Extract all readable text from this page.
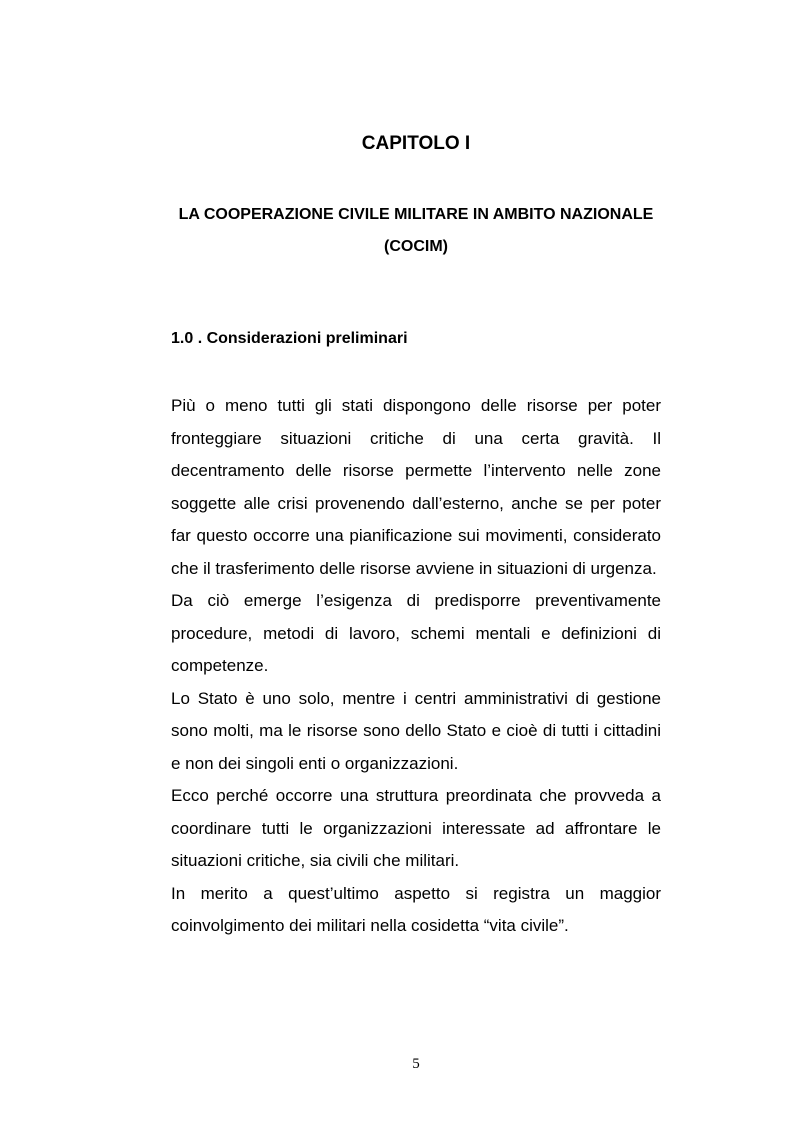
CAPITOLO I
LA COOPERAZIONE CIVILE MILITARE IN AMBITO NAZIONALE (COCIM)
1.0 . Considerazioni preliminari

Più o meno tutti gli stati dispongono delle risorse per poter fronteggiare situazioni critiche di una certa gravità. Il decentramento delle risorse permette l’intervento nelle zone soggette alle crisi provenendo dall’esterno, anche se per poter far questo occorre una pianificazione sui movimenti, considerato che il trasferimento delle risorse avviene in situazioni di urgenza.

Da ciò emerge l’esigenza di predisporre preventivamente procedure, metodi di lavoro, schemi mentali e definizioni di competenze.

Lo Stato è uno solo, mentre i centri amministrativi di gestione sono molti, ma le risorse sono dello Stato e cioè di tutti i cittadini e non dei singoli enti o organizzazioni.

Ecco perché occorre una struttura preordinata che provveda a coordinare tutti le organizzazioni interessate ad affrontare le situazioni critiche, sia civili che militari.

In merito a quest’ultimo aspetto si registra un maggior coinvolgimento dei militari nella cosidetta “vita civile”.

5
